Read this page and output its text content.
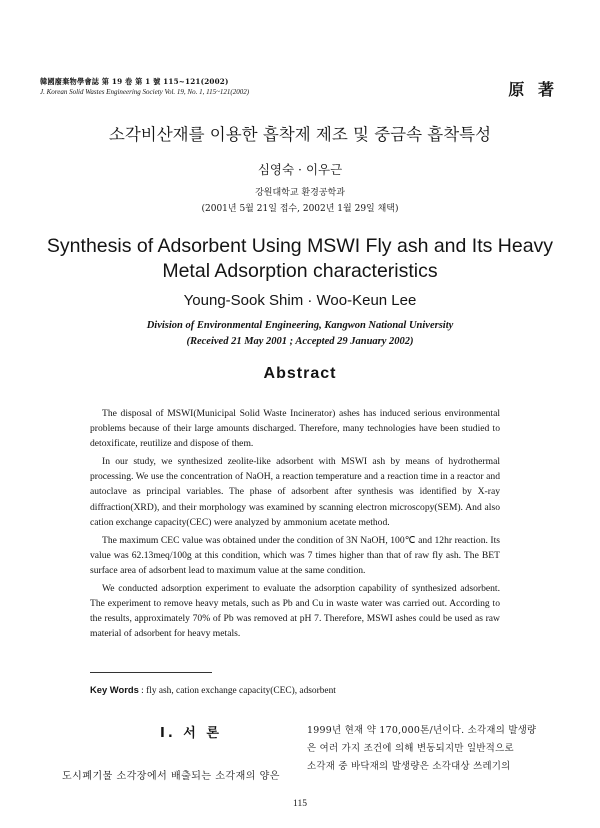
韓國廢棄物學會誌 第 19 卷 第 1 號 115~121(2002)
J. Korean Solid Wastes Engineering Society Vol. 19, No. 1, 115~121(2002)	原 著
소각비산재를 이용한 흡착제 제조 및 중금속 흡착특성
심영숙 · 이우근
강원대학교 환경공학과
(2001년 5월 21일 접수, 2002년 1월 29일 채택)
Synthesis of Adsorbent Using MSWI Fly ash and Its Heavy
Metal Adsorption characteristics
Young-Sook Shim · Woo-Keun Lee
Division of Environmental Engineering, Kangwon National University
(Received 21 May 2001 ; Accepted 29 January 2002)
Abstract

The disposal of MSWI(Municipal Solid Waste Incinerator) ashes has induced serious environmental problems because of their large amounts discharged. Therefore, many technologies have been studied to detoxificate, reutilize and dispose of them.

In our study, we synthesized zeolite-like adsorbent with MSWI ash by means of hydrothermal processing. We use the concentration of NaOH, a reaction temperature and a reaction time in a reactor and autoclave as principal variables. The phase of adsorbent after synthesis was identified by X-ray diffraction(XRD), and their morphology was examined by scanning electron microscopy(SEM). And also cation exchange capacity(CEC) were analyzed by ammonium acetate method.

The maximum CEC value was obtained under the condition of 3N NaOH, 100℃ and 12hr reaction. Its value was 62.13meq/100g at this condition, which was 7 times higher than that of raw fly ash. The BET surface area of adsorbent lead to maximum value at the same condition.

We conducted adsorption experiment to evaluate the adsorption capability of synthesized adsorbent. The experiment to remove heavy metals, such as Pb and Cu in waste water was carried out. According to the results, approximately 70% of Pb was removed at pH 7. Therefore, MSWI ashes could be used as raw material of adsorbent for heavy metals.

Key Words : fly ash, cation exchange capacity(CEC), adsorbent
Ⅰ. 서 론
도시폐기물 소각장에서 배출되는 소각재의 양은
1999년 현재 약 170,000톤/년이다. 소각재의 발생량
은 여러 가지 조건에 의해 변동되지만 일반적으로
소각재 중 바닥재의 발생량은 소각대상 쓰레기의
115
